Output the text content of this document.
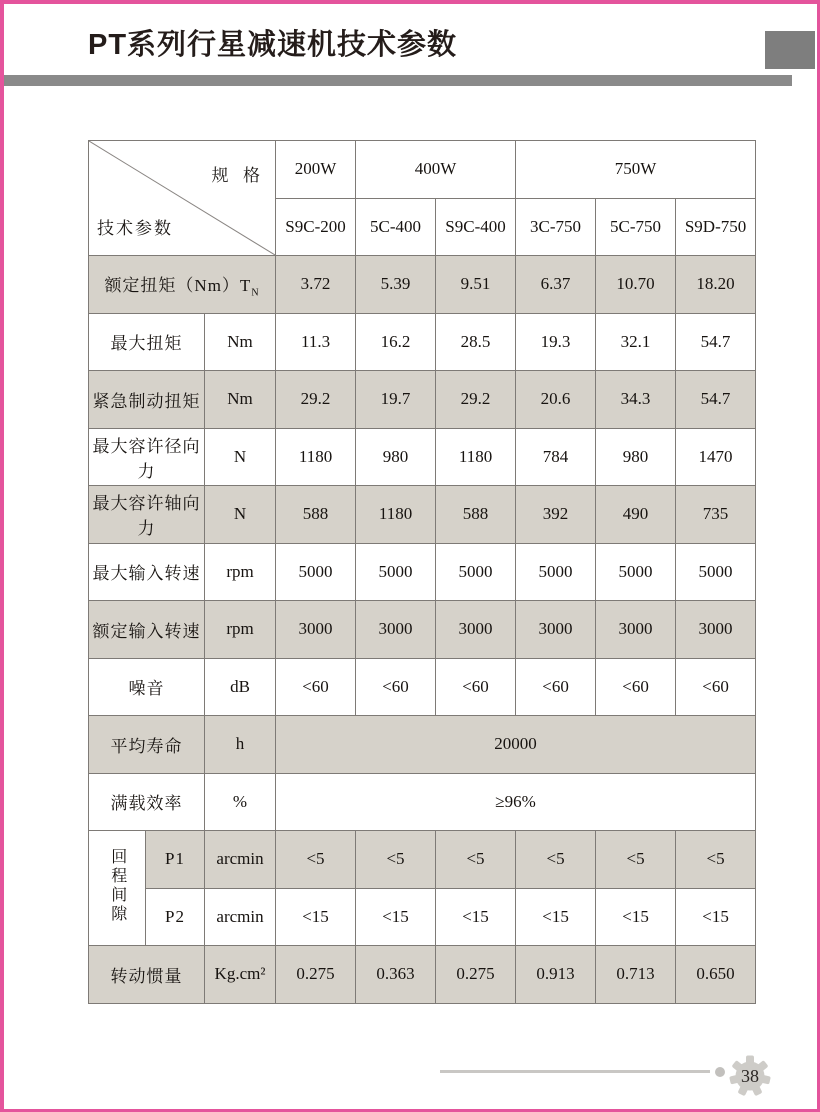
PT系列行星减速机技术参数
规  格
技术参数			200W	400W		750W		
			S9C-200	5C-400	S9C-400	3C-750	5C-750	S9D-750
额定扭矩$(Nm)T_N$			3.72	5.39	9.51	6.37	10.70	18.20
最大扭矩		Nm	11.3	16.2	28.5	19.3	32.1	54.7
紧急制动扭矩		Nm	29.2	19.7	29.2	20.6	34.3	54.7
最大容许径向力		N	1180	980	1180	784	980	1470
最大容许轴向力		N	588	1180	588	392	490	735
最大输入转速		rpm	5000	5000	5000	5000	5000	5000
额定输入转速		rpm	3000	3000	3000	3000	3000	3000
噪音		dB	<60	<60	<60	<60	<60	<60
平均寿命		h	20000					
满载效率		%	≥96%					
回程间隙	P1	arcmin	<5	<5	<5	<5	<5	<5
	P2	arcmin	<15	<15	<15	<15	<15	<15
转动惯量		Kg.cm²	0.275	0.363	0.275	0.913	0.713	0.650
38
